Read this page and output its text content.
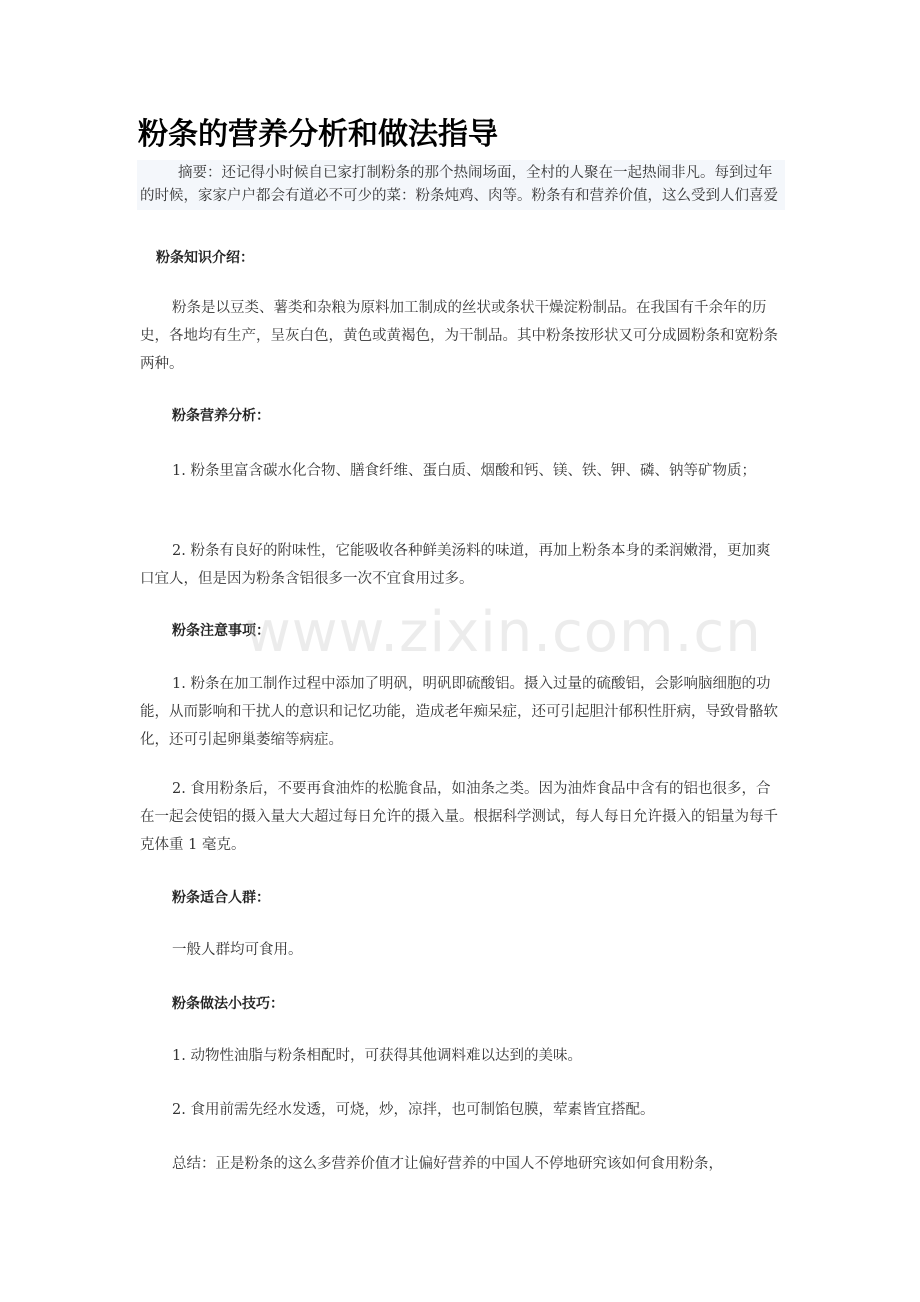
粉条的营养分析和做法指导
摘要：还记得小时候自已家打制粉条的那个热闹场面，全村的人聚在一起热闹非凡。每到过年的时候，家家户户都会有道必不可少的菜：粉条炖鸡、肉等。粉条有和营养价值，这么受到人们喜爱
粉条知识介绍：
粉条是以豆类、薯类和杂粮为原料加工制成的丝状或条状干燥淀粉制品。在我国有千余年的历史，各地均有生产，呈灰白色，黄色或黄褐色，为干制品。其中粉条按形状又可分成圆粉条和宽粉条两种。
粉条营养分析：
1. 粉条里富含碳水化合物、膳食纤维、蛋白质、烟酸和钙、镁、铁、钾、磷、钠等矿物质；
2. 粉条有良好的附味性，它能吸收各种鲜美汤料的味道，再加上粉条本身的柔润嫩滑，更加爽口宜人，但是因为粉条含铝很多一次不宜食用过多。
粉条注意事项：
1. 粉条在加工制作过程中添加了明矾，明矾即硫酸铝。摄入过量的硫酸铝，会影响脑细胞的功能，从而影响和干扰人的意识和记忆功能，造成老年痴呆症，还可引起胆汁郁积性肝病，导致骨骼软化，还可引起卵巢萎缩等病症。
2. 食用粉条后，不要再食油炸的松脆食品，如油条之类。因为油炸食品中含有的铝也很多，合在一起会使铝的摄入量大大超过每日允许的摄入量。根据科学测试，每人每日允许摄入的铝量为每千克体重 1 毫克。
粉条适合人群：
一般人群均可食用。
粉条做法小技巧：
1. 动物性油脂与粉条相配时，可获得其他调料难以达到的美味。
2. 食用前需先经水发透，可烧，炒，凉拌，也可制馅包膜，荤素皆宜搭配。
总结：正是粉条的这么多营养价值才让偏好营养的中国人不停地研究该如何食用粉条，
www.zixin.com.cn
